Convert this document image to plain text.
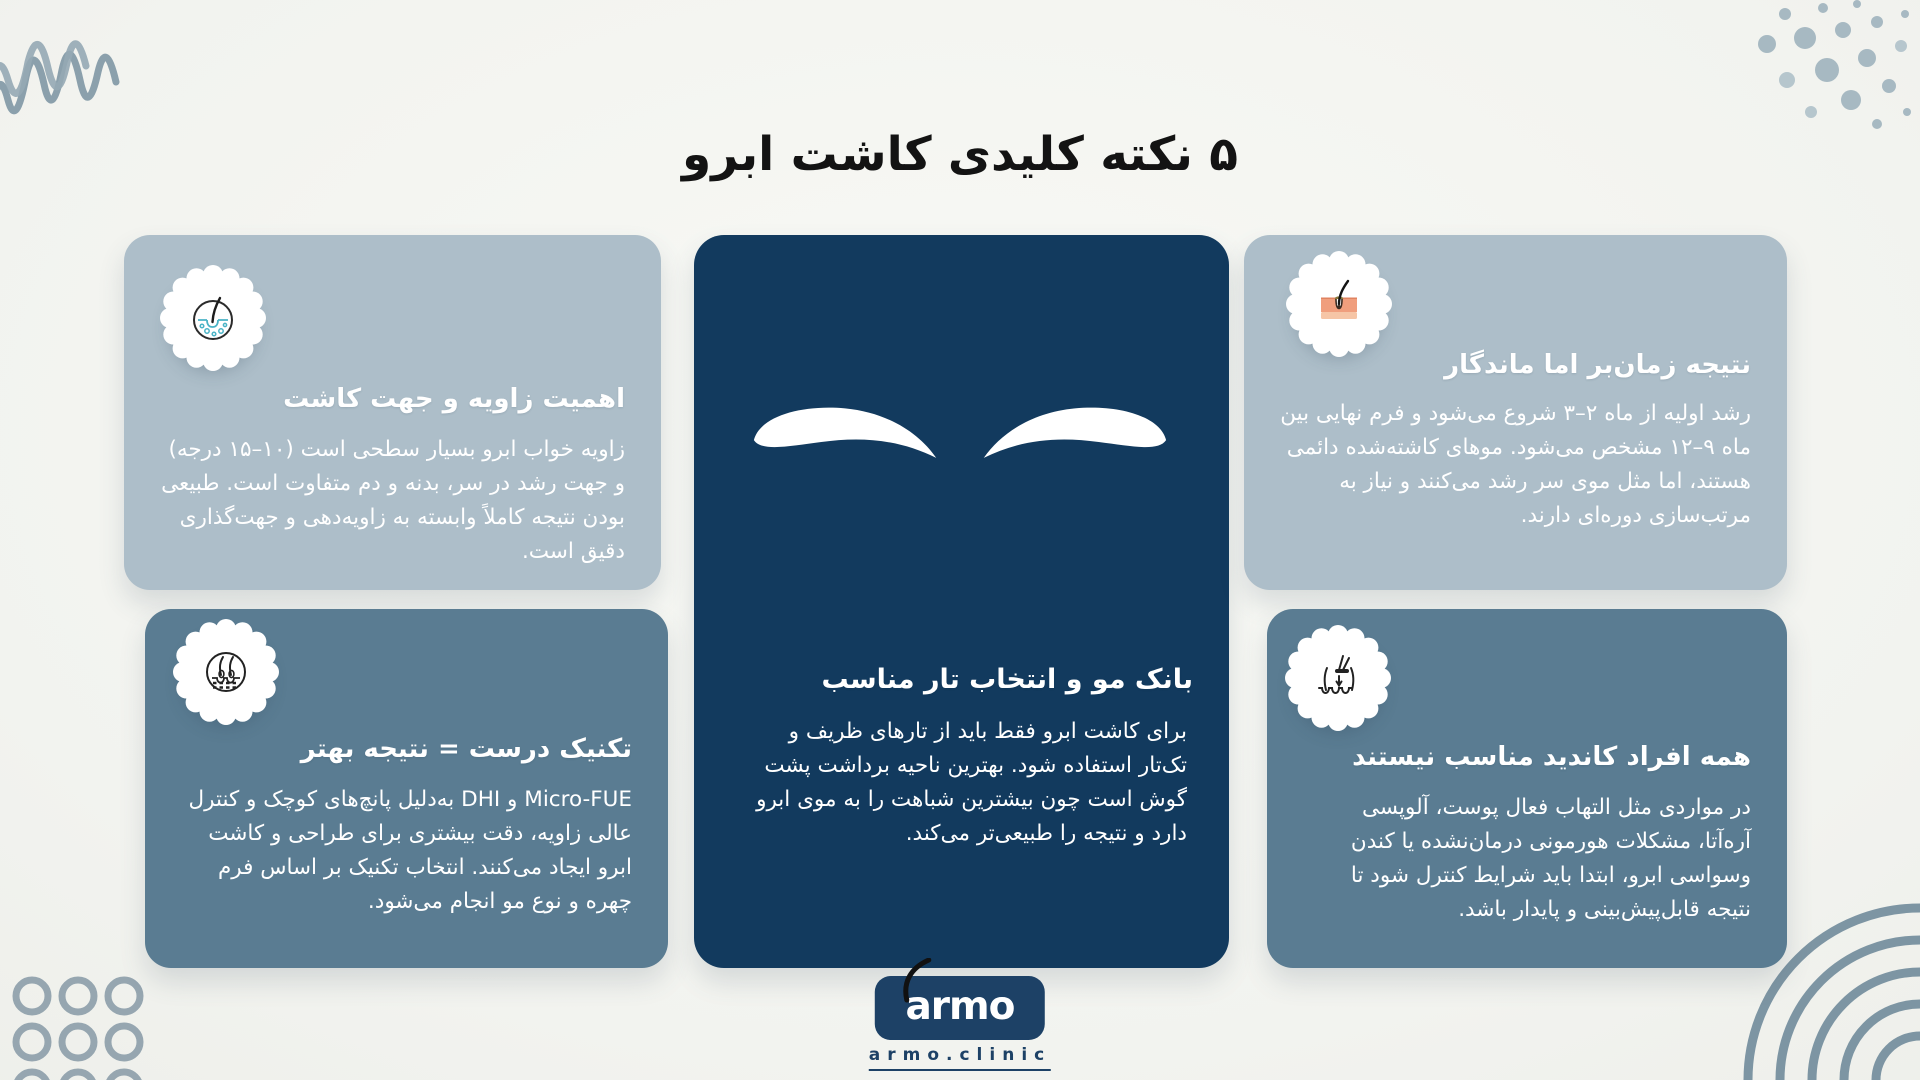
۵ نکته کلیدی کاشت ابرو
اهمیت زاویه و جهت کاشت

زاویه خواب ابرو بسیار سطحی است (۱۰–۱۵ درجه) و جهت رشد در سر، بدنه و دم متفاوت است. طبیعی بودن نتیجه کاملاً وابسته به زاویه‌دهی و جهت‌گذاری دقیق است.

تکنیک درست = نتیجه بهتر

Micro-FUE و DHI به‌دلیل پانچ‌های کوچک و کنترل عالی زاویه، دقت بیشتری برای طراحی و کاشت ابرو ایجاد می‌کنند. انتخاب تکنیک بر اساس فرم چهره و نوع مو انجام می‌شود.

بانک مو و انتخاب تار مناسب

برای کاشت ابرو فقط باید از تارهای ظریف و تک‌تار استفاده شود. بهترین ناحیه برداشت پشت گوش است چون بیشترین شباهت را به موی ابرو دارد و نتیجه را طبیعی‌تر می‌کند.

نتیجه زمان‌بر اما ماندگار

رشد اولیه از ماه ۲–۳ شروع می‌شود و فرم نهایی بین ماه ۹–۱۲ مشخص می‌شود. موهای کاشته‌شده دائمی هستند، اما مثل موی سر رشد می‌کنند و نیاز به مرتب‌سازی دوره‌ای دارند.

همه افراد کاندید مناسب نیستند

در مواردی مثل التهاب فعال پوست، آلوپسی آره‌آتا، مشکلات هورمونی درمان‌نشده یا کندن وسواسی ابرو، ابتدا باید شرایط کنترل شود تا نتیجه قابل‌پیش‌بینی و پایدار باشد.

armo
armo.clinic
